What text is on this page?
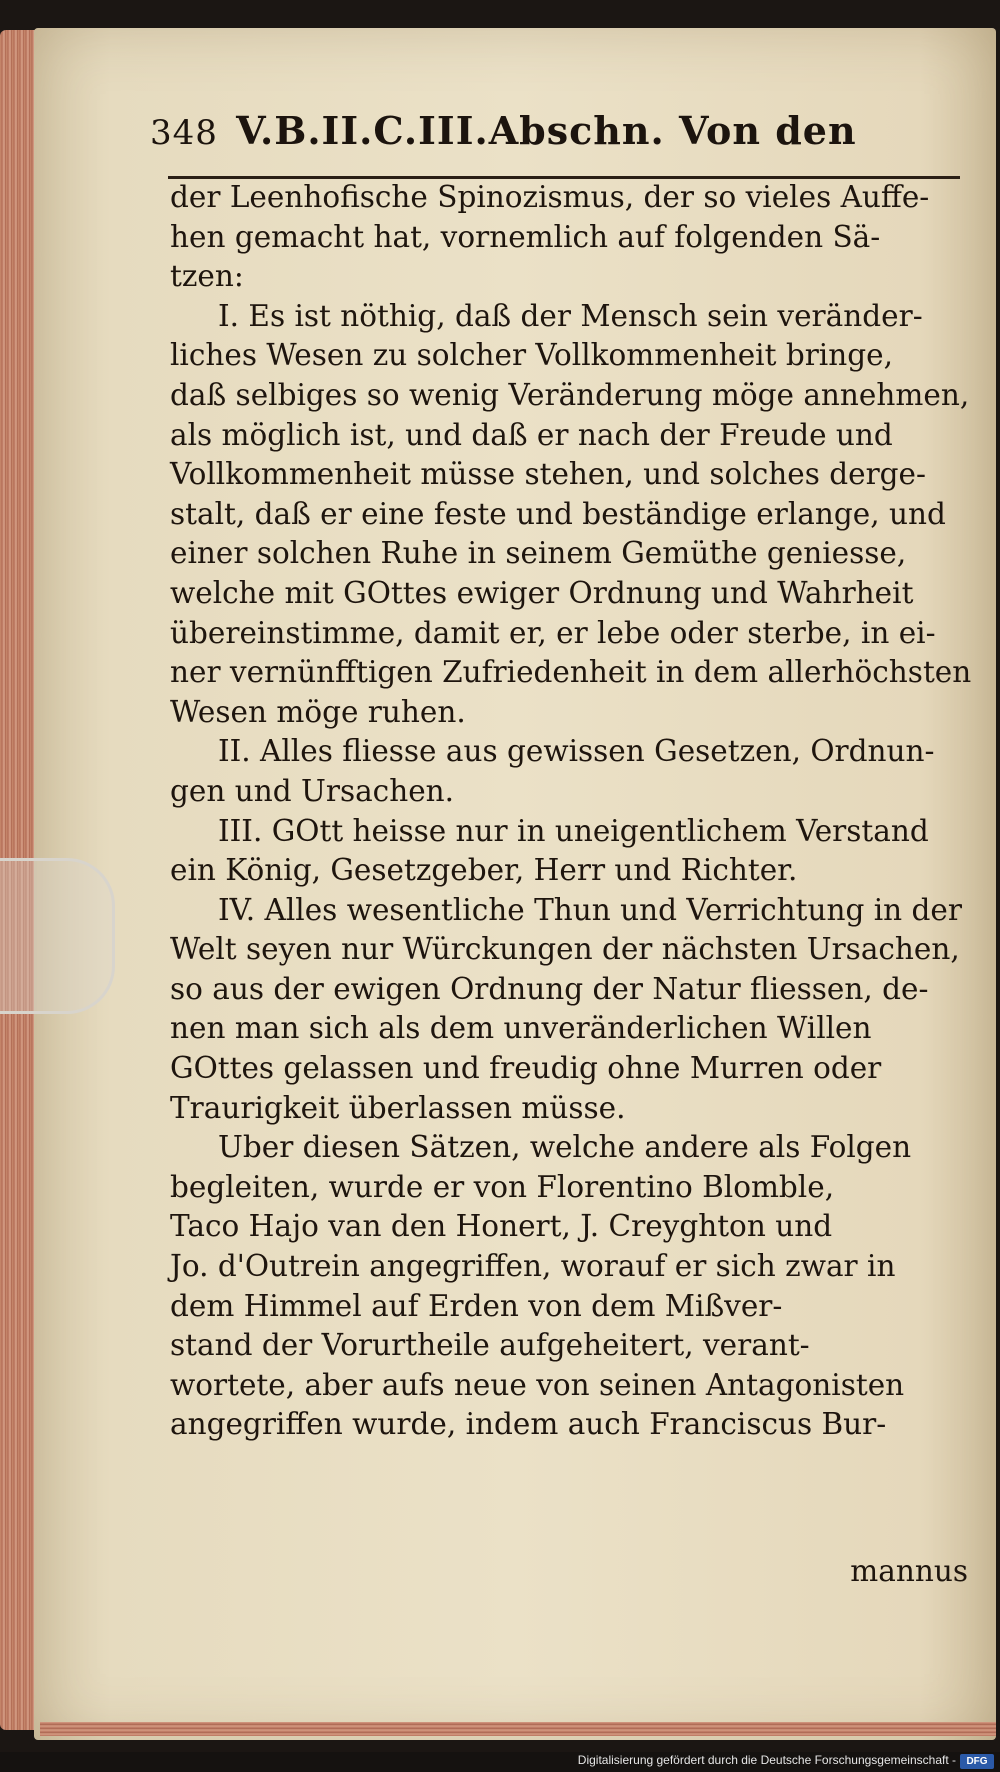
348 V.B.II.C.III.Abschn. Von den
der Leenhofische Spinozismus, der so vieles Auffe-
hen gemacht hat, vornemlich auf folgenden Sä-
tzen:
I. Es ist nöthig, daß der Mensch sein veränder-
liches Wesen zu solcher Vollkommenheit bringe,
daß selbiges so wenig Veränderung möge annehmen,
als möglich ist, und daß er nach der Freude und
Vollkommenheit müsse stehen, und solches derge-
stalt, daß er eine feste und beständige erlange, und
einer solchen Ruhe in seinem Gemüthe geniesse,
welche mit GOttes ewiger Ordnung und Wahrheit
übereinstimme, damit er, er lebe oder sterbe, in ei-
ner vernünfftigen Zufriedenheit in dem allerhöchsten
Wesen möge ruhen.
II. Alles fliesse aus gewissen Gesetzen, Ordnun-
gen und Ursachen.
III. GOtt heisse nur in uneigentlichem Verstand
ein König, Gesetzgeber, Herr und Richter.
IV. Alles wesentliche Thun und Verrichtung in der
Welt seyen nur Würckungen der nächsten Ursachen,
so aus der ewigen Ordnung der Natur fliessen, de-
nen man sich als dem unveränderlichen Willen
GOttes gelassen und freudig ohne Murren oder
Traurigkeit überlassen müsse.
Uber diesen Sätzen, welche andere als Folgen
begleiten, wurde er von Florentino Blomble,
Taco Hajo van den Honert, J. Creyghton und
Jo. d'Outrein angegriffen, worauf er sich zwar in
dem Himmel auf Erden von dem Mißver-
stand der Vorurtheile aufgeheitert, verant-
wortete, aber aufs neue von seinen Antagonisten
angegriffen wurde, indem auch Franciscus Bur-
mannus
Digitalisierung gefördert durch die Deutsche Forschungsgemeinschaft -	DFG
